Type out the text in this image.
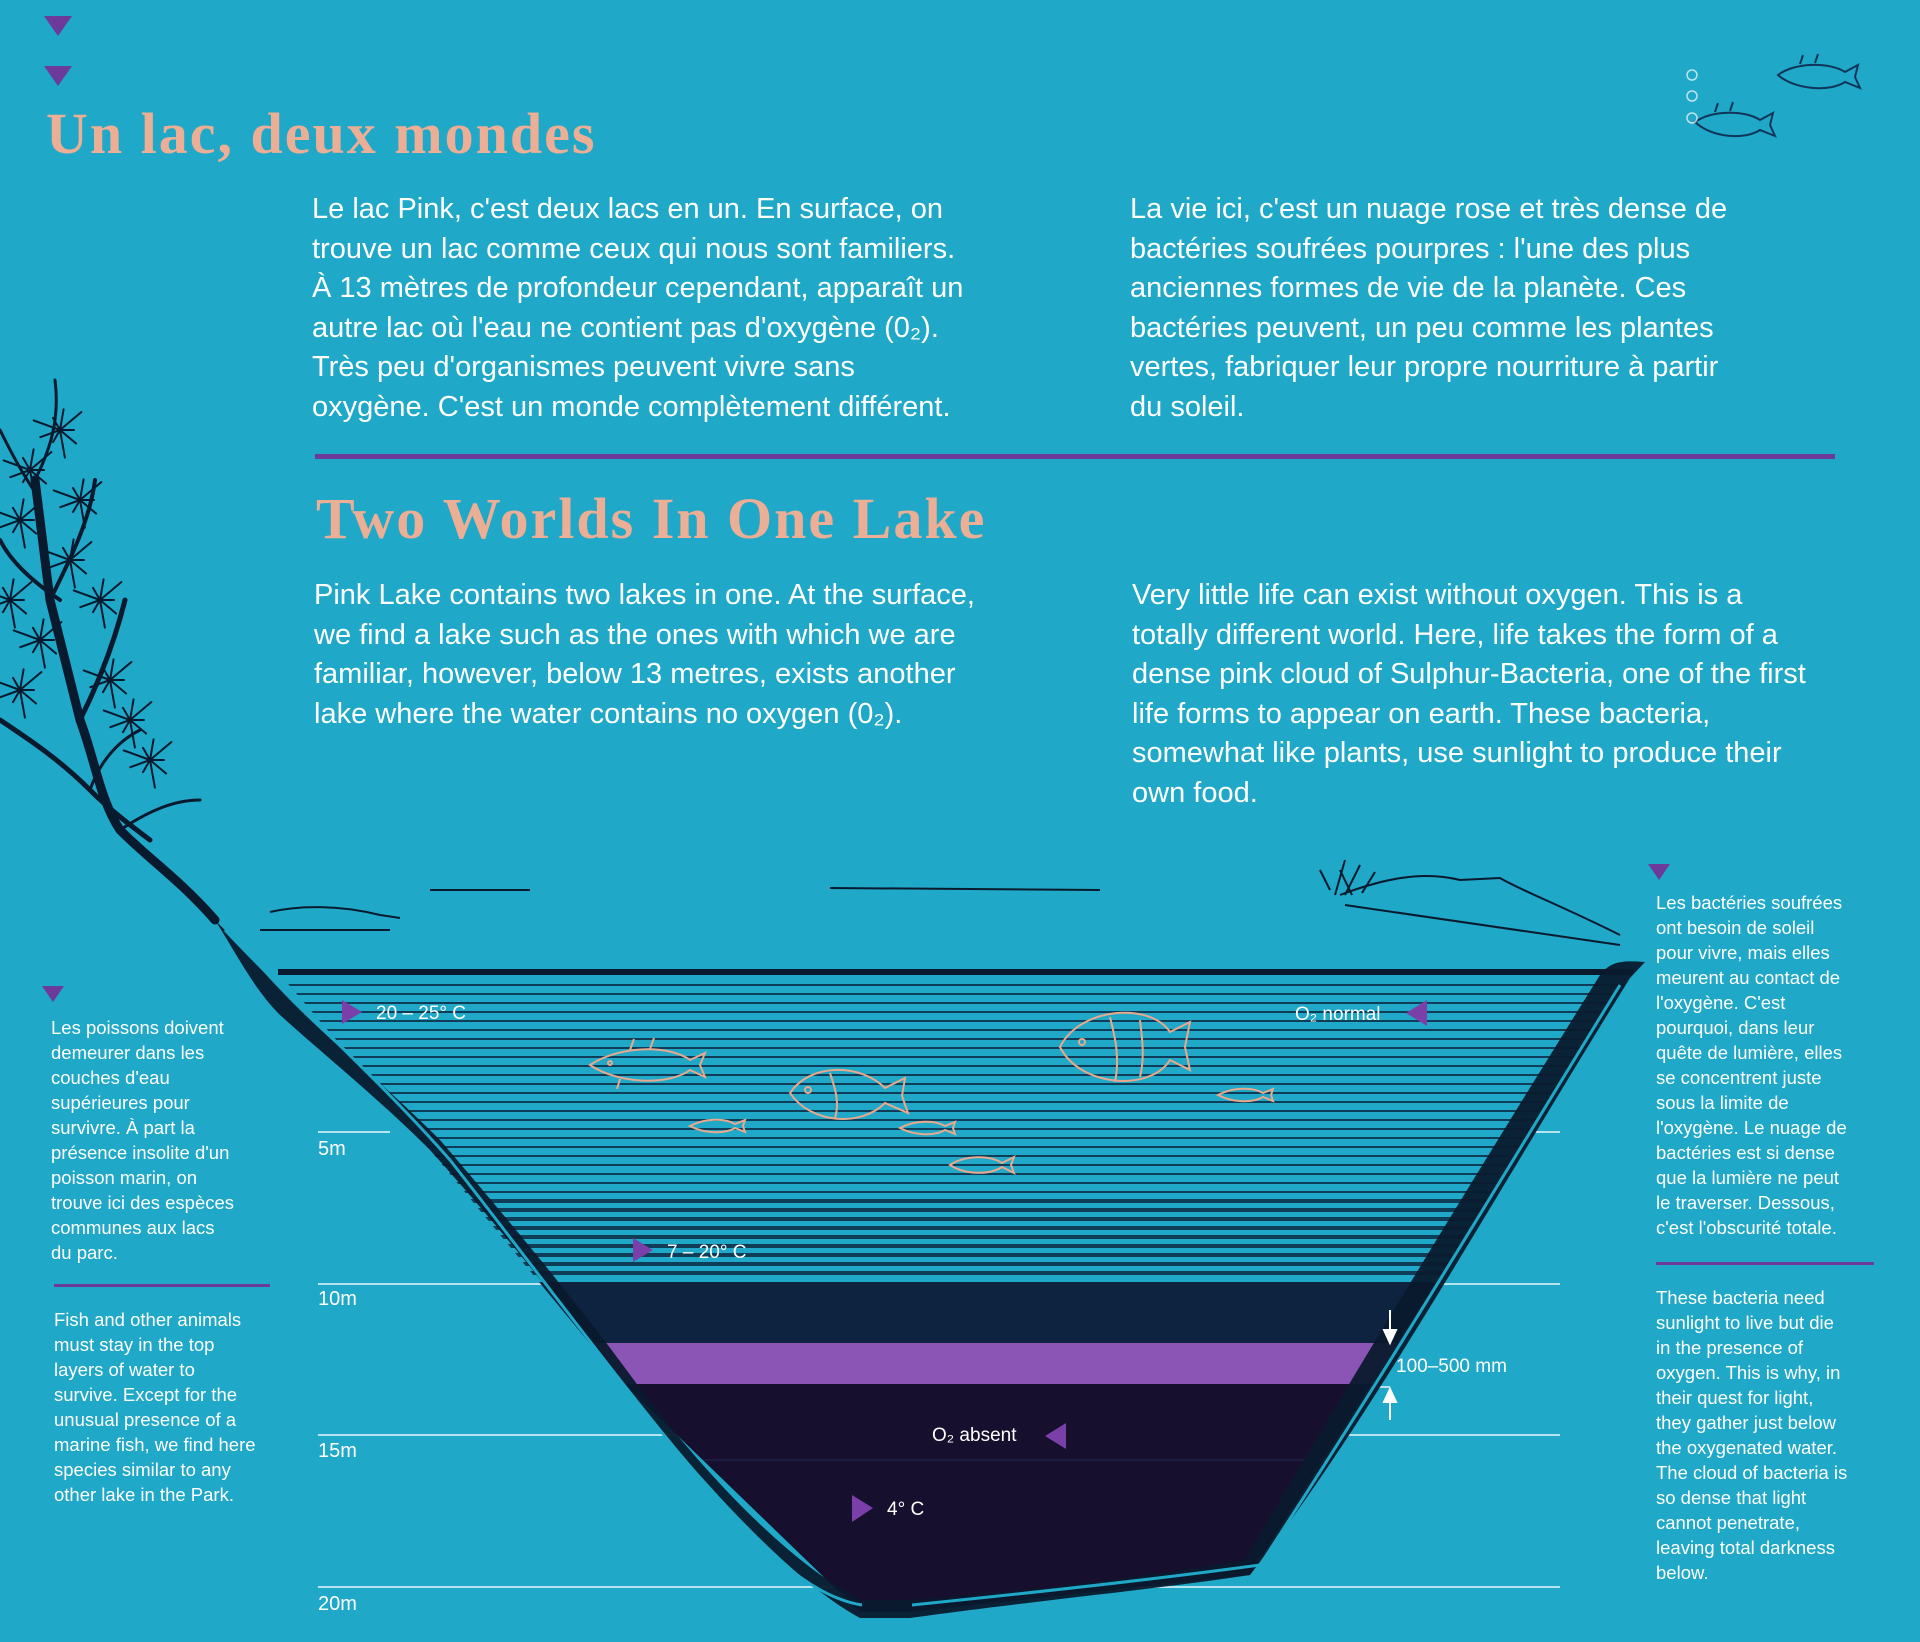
5m
10m
15m
20m
20 – 25° C
7 – 20° C
4° C
O₂ normal
O₂ absent
100–500 mm
Un lac, deux mondes
Le lac Pink, c'est deux lacs en un. En surface, on
trouve un lac comme ceux qui nous sont familiers.
À 13 mètres de profondeur cependant, apparaît un
autre lac où l'eau ne contient pas d'oxygène (0₂).
Très peu d'organismes peuvent vivre sans
oxygène. C'est un monde complètement différent.
La vie ici, c'est un nuage rose et très dense de
bactéries soufrées pourpres : l'une des plus
anciennes formes de vie de la planète. Ces
bactéries peuvent, un peu comme les plantes
vertes, fabriquer leur propre nourriture à partir
du soleil.
Two Worlds In One Lake
Pink Lake contains two lakes in one. At the surface,
we find a lake such as the ones with which we are
familiar, however, below 13 metres, exists another
lake where the water contains no oxygen (0₂).
Very little life can exist without oxygen. This is a
totally different world. Here, life takes the form of a
dense pink cloud of Sulphur-Bacteria, one of the first
life forms to appear on earth. These bacteria,
somewhat like plants, use sunlight to produce their
own food.
Les poissons doivent
demeurer dans les
couches d'eau
supérieures pour
survivre. À part la
présence insolite d'un
poisson marin, on
trouve ici des espèces
communes aux lacs
du parc.
Fish and other animals
must stay in the top
layers of water to
survive. Except for the
unusual presence of a
marine fish, we find here
species similar to any
other lake in the Park.
Les bactéries soufrées
ont besoin de soleil
pour vivre, mais elles
meurent au contact de
l'oxygène. C'est
pourquoi, dans leur
quête de lumière, elles
se concentrent juste
sous la limite de
l'oxygène. Le nuage de
bactéries est si dense
que la lumière ne peut
le traverser. Dessous,
c'est l'obscurité totale.
These bacteria need
sunlight to live but die
in the presence of
oxygen. This is why, in
their quest for light,
they gather just below
the oxygenated water.
The cloud of bacteria is
so dense that light
cannot penetrate,
leaving total darkness
below.
